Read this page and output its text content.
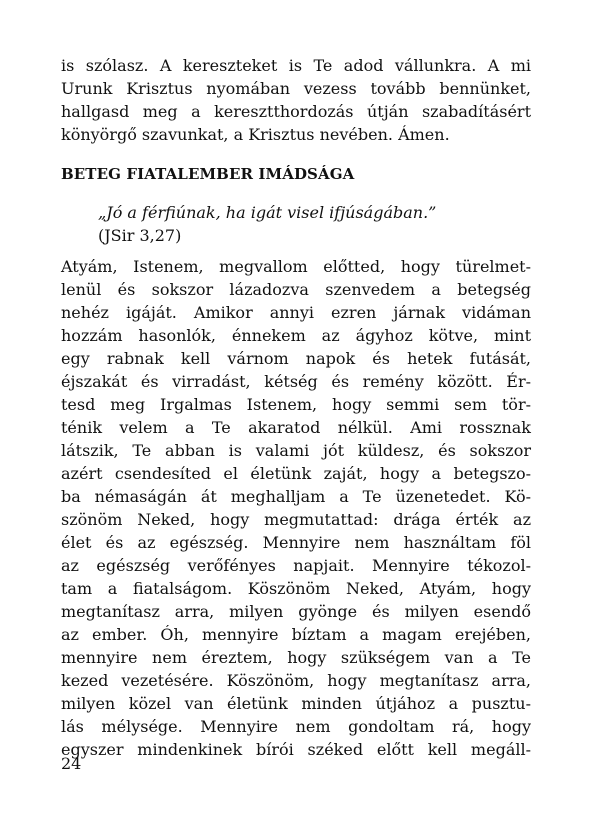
is szólasz. A kereszteket is Te adod vállunkra. A mi
Urunk Krisztus nyomában vezess tovább bennünket,
hallgasd meg a keresztthordozás útján szabadításért
könyörgő szavunkat, a Krisztus nevében. Ámen.
BETEG FIATALEMBER IMÁDSÁGA
„Jó a férfiúnak, ha igát visel ifjúságában.”
(JSir 3,27)
Atyám, Istenem, megvallom előtted, hogy türelmet-
lenül és sokszor lázadozva szenvedem a betegség
nehéz igáját. Amikor annyi ezren járnak vidáman
hozzám hasonlók, énnekem az ágyhoz kötve, mint
egy rabnak kell várnom napok és hetek futását,
éjszakát és virradást, kétség és remény között. Ér-
tesd meg Irgalmas Istenem, hogy semmi sem tör-
ténik velem a Te akaratod nélkül. Ami rossznak
látszik, Te abban is valami jót küldesz, és sokszor
azért csendesíted el életünk zaját, hogy a betegszo-
ba némaságán át meghalljam a Te üzenetedet. Kö-
szönöm Neked, hogy megmutattad: drága érték az
élet és az egészség. Mennyire nem használtam föl
az egészség verőfényes napjait. Mennyire tékozol-
tam a fiatalságom. Köszönöm Neked, Atyám, hogy
megtanítasz arra, milyen gyönge és milyen esendő
az ember. Óh, mennyire bíztam a magam erejében,
mennyire nem éreztem, hogy szükségem van a Te
kezed vezetésére. Köszönöm, hogy megtanítasz arra,
milyen közel van életünk minden útjához a pusztu-
lás mélysége. Mennyire nem gondoltam rá, hogy
egyszer mindenkinek bírói széked előtt kell megáll-
24
